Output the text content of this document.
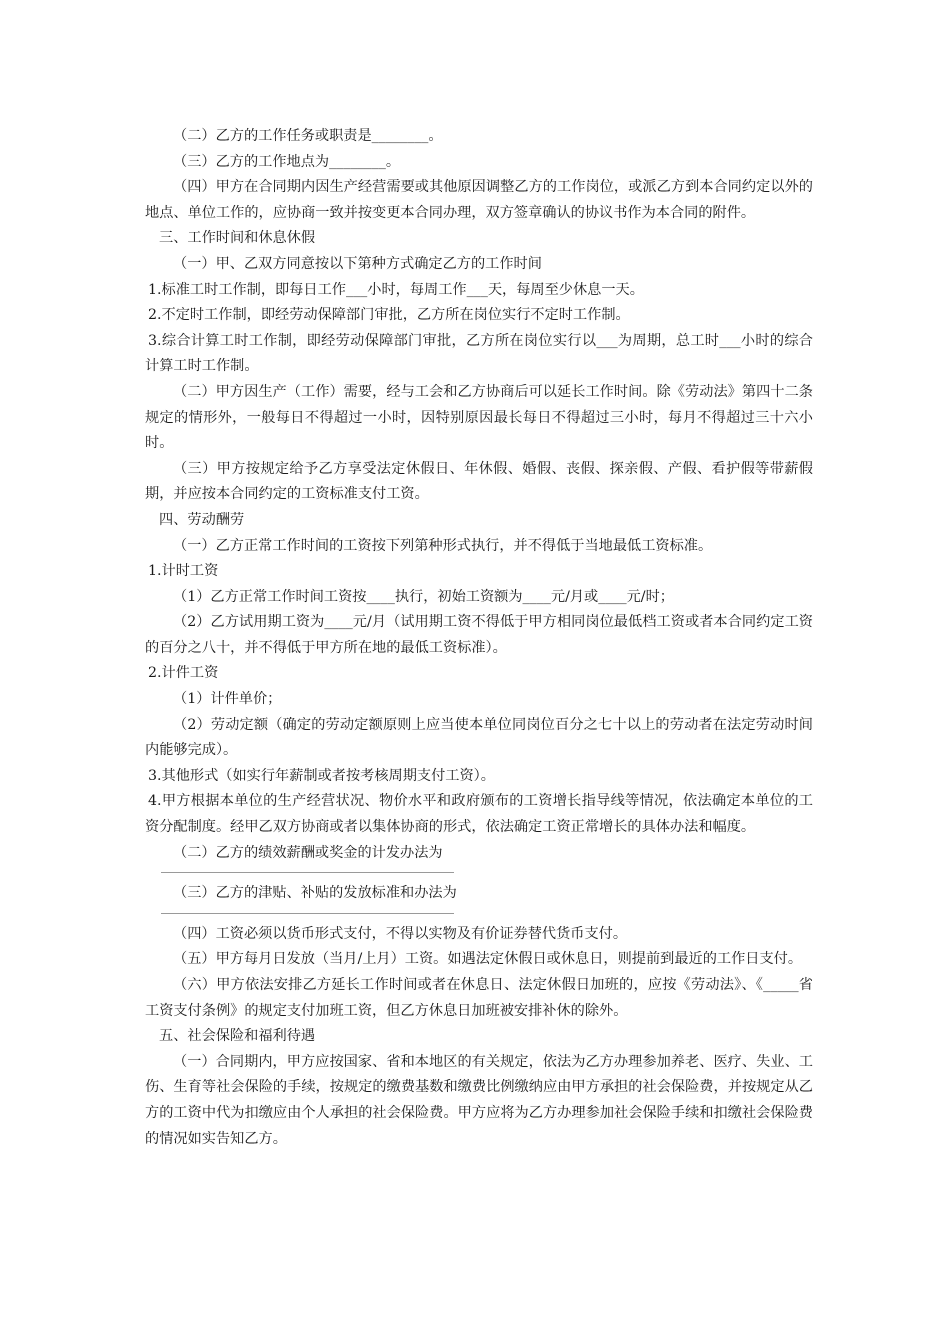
（二）乙方的工作任务或职责是________。

（三）乙方的工作地点为________。

（四）甲方在合同期内因生产经营需要或其他原因调整乙方的工作岗位，或派乙方到本合同约定以外的地点、单位工作的，应协商一致并按变更本合同办理，双方签章确认的协议书作为本合同的附件。

三、工作时间和休息休假

（一）甲、乙双方同意按以下第种方式确定乙方的工作时间

1.标准工时工作制，即每日工作___小时，每周工作___天，每周至少休息一天。

2.不定时工作制，即经劳动保障部门审批，乙方所在岗位实行不定时工作制。

3.综合计算工时工作制，即经劳动保障部门审批，乙方所在岗位实行以___为周期，总工时___小时的综合计算工时工作制。

（二）甲方因生产（工作）需要，经与工会和乙方协商后可以延长工作时间。除《劳动法》第四十二条规定的情形外，一般每日不得超过一小时，因特别原因最长每日不得超过三小时，每月不得超过三十六小时。

（三）甲方按规定给予乙方享受法定休假日、年休假、婚假、丧假、探亲假、产假、看护假等带薪假期，并应按本合同约定的工资标准支付工资。

四、劳动酬劳

（一）乙方正常工作时间的工资按下列第种形式执行，并不得低于当地最低工资标准。

1.计时工资

（1）乙方正常工作时间工资按____执行，初始工资额为____元/月或____元/时；

（2）乙方试用期工资为____元/月（试用期工资不得低于甲方相同岗位最低档工资或者本合同约定工资的百分之八十，并不得低于甲方所在地的最低工资标准）。

2.计件工资

（1）计件单价；

（2）劳动定额（确定的劳动定额原则上应当使本单位同岗位百分之七十以上的劳动者在法定劳动时间内能够完成）。

3.其他形式（如实行年薪制或者按考核周期支付工资）。

4.甲方根据本单位的生产经营状况、物价水平和政府颁布的工资增长指导线等情况，依法确定本单位的工资分配制度。经甲乙双方协商或者以集体协商的形式，依法确定工资正常增长的具体办法和幅度。

（二）乙方的绩效薪酬或奖金的计发办法为

（三）乙方的津贴、补贴的发放标准和办法为

（四）工资必须以货币形式支付，不得以实物及有价证券替代货币支付。

（五）甲方每月日发放（当月/上月）工资。如遇法定休假日或休息日，则提前到最近的工作日支付。

（六）甲方依法安排乙方延长工作时间或者在休息日、法定休假日加班的，应按《劳动法》、《_____省工资支付条例》的规定支付加班工资，但乙方休息日加班被安排补休的除外。

五、社会保险和福利待遇

（一）合同期内，甲方应按国家、省和本地区的有关规定，依法为乙方办理参加养老、医疗、失业、工伤、生育等社会保险的手续，按规定的缴费基数和缴费比例缴纳应由甲方承担的社会保险费，并按规定从乙方的工资中代为扣缴应由个人承担的社会保险费。甲方应将为乙方办理参加社会保险手续和扣缴社会保险费的情况如实告知乙方。
